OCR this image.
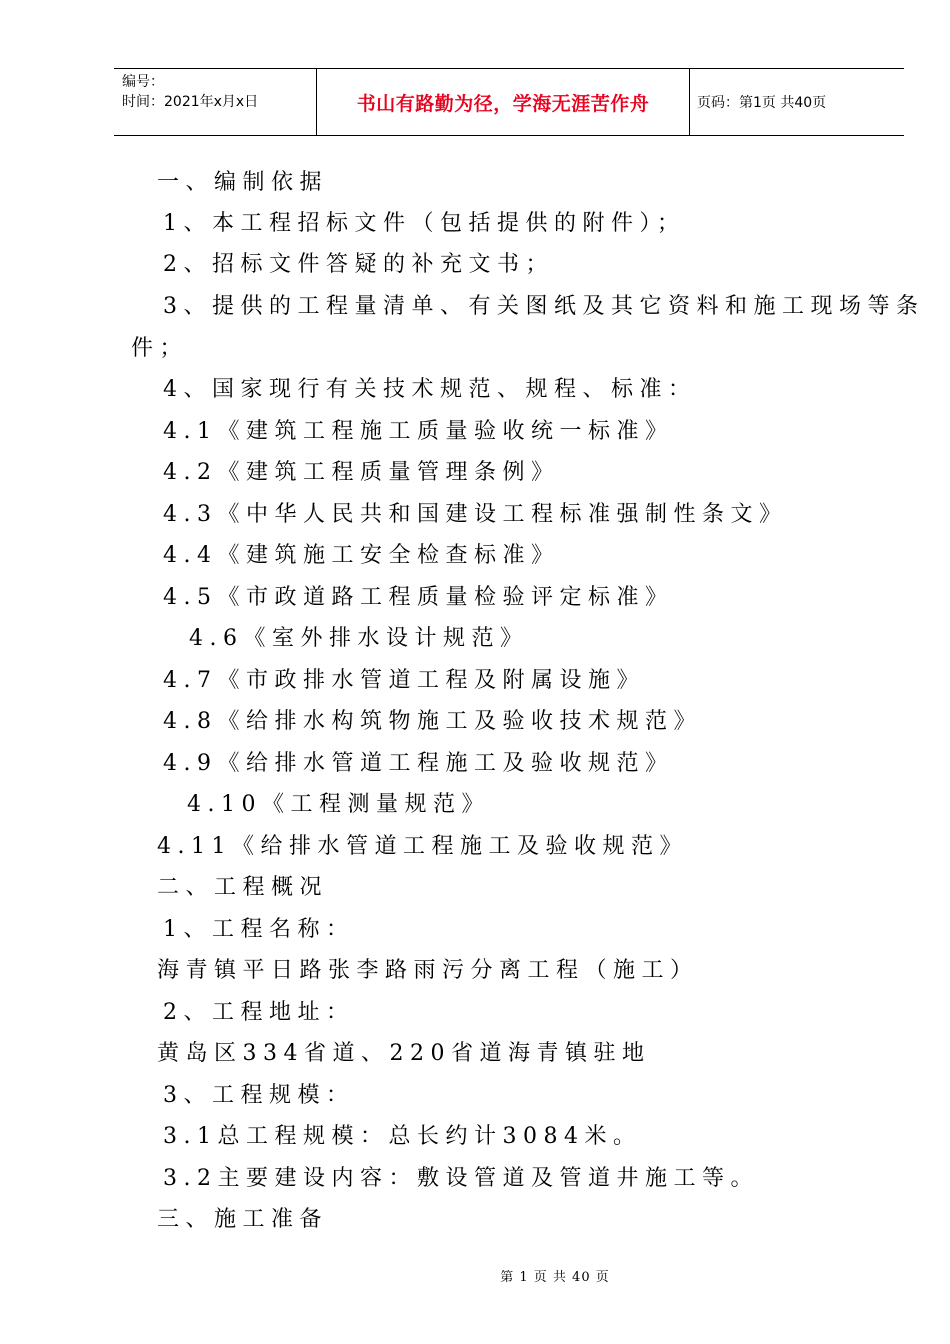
编号：
时间：2021年x月x日	书山有路勤为径，学海无涯苦作舟	页码：第1页 共40页
一、编制依据
1、本工程招标文件（包括提供的附件）；
2、招标文件答疑的补充文书；
3、提供的工程量清单、有关图纸及其它资料和施工现场等条
件；
4、国家现行有关技术规范、规程、标准：
4.1《建筑工程施工质量验收统一标准》
4.2《建筑工程质量管理条例》
4.3《中华人民共和国建设工程标准强制性条文》
4.4《建筑施工安全检查标准》
4.5《市政道路工程质量检验评定标准》
4.6《室外排水设计规范》
4.7《市政排水管道工程及附属设施》
4.8《给排水构筑物施工及验收技术规范》
4.9《给排水管道工程施工及验收规范》
4.10《工程测量规范》
4.11《给排水管道工程施工及验收规范》
二、工程概况
1、工程名称：
海青镇平日路张李路雨污分离工程（施工）
2、工程地址：
黄岛区334省道、220省道海青镇驻地
3、工程规模：
3.1总工程规模：总长约计3084米。
3.2主要建设内容：敷设管道及管道井施工等。
三、施工准备
第 1 页 共 40 页
